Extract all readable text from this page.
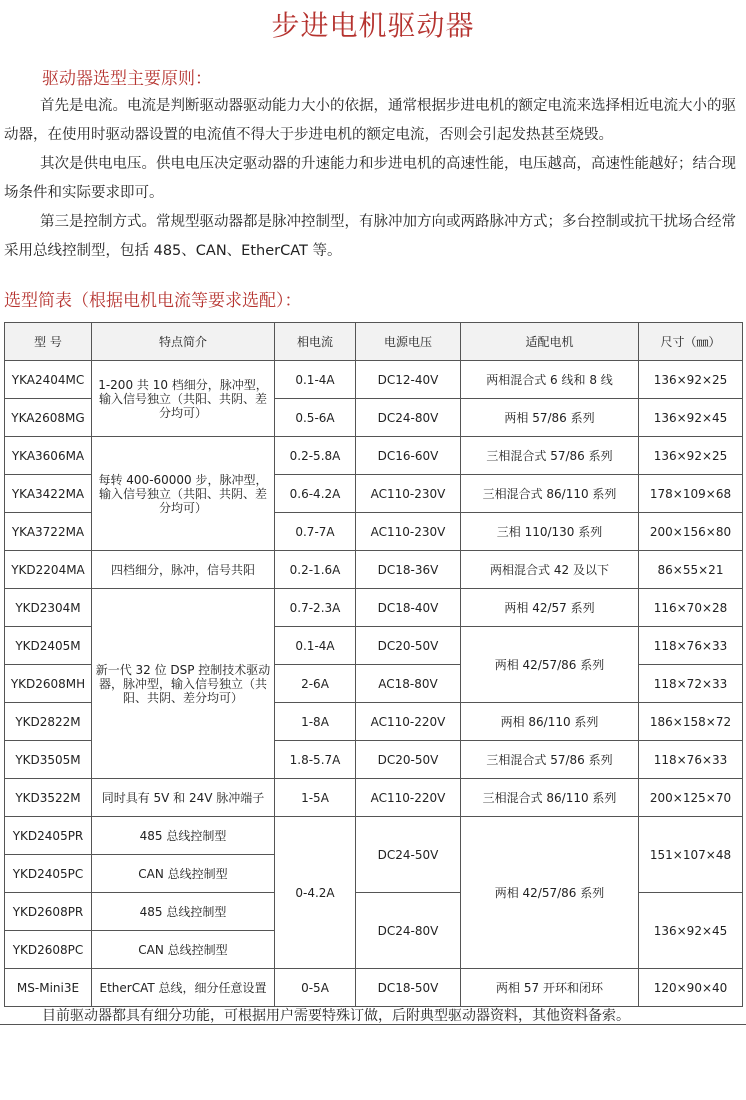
步进电机驱动器
驱动器选型主要原则：
首先是电流。电流是判断驱动器驱动能力大小的依据，通常根据步进电机的额定电流来选择相近电流大小的驱动器，在使用时驱动器设置的电流值不得大于步进电机的额定电流，否则会引起发热甚至烧毁。
其次是供电电压。供电电压决定驱动器的升速能力和步进电机的高速性能，电压越高，高速性能越好；结合现场条件和实际要求即可。
第三是控制方式。常规型驱动器都是脉冲控制型，有脉冲加方向或两路脉冲方式；多台控制或抗干扰场合经常采用总线控制型，包括 485、CAN、EtherCAT 等。
选型简表（根据电机电流等要求选配）：
型 号	特点简介	相电流	电源电压	适配电机	尺寸（㎜）
YKA2404MC	1-200 共 10 档细分，脉冲型，输入信号独立（共阳、共阴、差分均可）	0.1-4A	DC12-40V	两相混合式 6 线和 8 线	136×92×25
YKA2608MG		0.5-6A	DC24-80V	两相 57/86 系列	136×92×45
YKA3606MA	每转 400-60000 步，脉冲型，输入信号独立（共阳、共阴、差分均可）	0.2-5.8A	DC16-60V	三相混合式 57/86 系列	136×92×25
YKA3422MA		0.6-4.2A	AC110-230V	三相混合式 86/110 系列	178×109×68
YKA3722MA		0.7-7A	AC110-230V	三相 110/130 系列	200×156×80
YKD2204MA	四档细分，脉冲，信号共阳	0.2-1.6A	DC18-36V	两相混合式 42 及以下	86×55×21
YKD2304M	新一代 32 位 DSP 控制技术驱动器，脉冲型，输入信号独立（共阳、共阴、差分均可）	0.7-2.3A	DC18-40V	两相 42/57 系列	116×70×28
YKD2405M		0.1-4A	DC20-50V	两相 42/57/86 系列	118×76×33
YKD2608MH		2-6A	AC18-80V		118×72×33
YKD2822M		1-8A	AC110-220V	两相 86/110 系列	186×158×72
YKD3505M		1.8-5.7A	DC20-50V	三相混合式 57/86 系列	118×76×33
YKD3522M	同时具有 5V 和 24V 脉冲端子	1-5A	AC110-220V	三相混合式 86/110 系列	200×125×70
YKD2405PR	485 总线控制型	0-4.2A	DC24-50V	两相 42/57/86 系列	151×107×48
YKD2405PC	CAN 总线控制型				
YKD2608PR	485 总线控制型		DC24-80V		136×92×45
YKD2608PC	CAN 总线控制型				
MS-Mini3E	EtherCAT 总线，细分任意设置	0-5A	DC18-50V	两相 57 开环和闭环	120×90×40
目前驱动器都具有细分功能，可根据用户需要特殊订做，后附典型驱动器资料，其他资料备索。
